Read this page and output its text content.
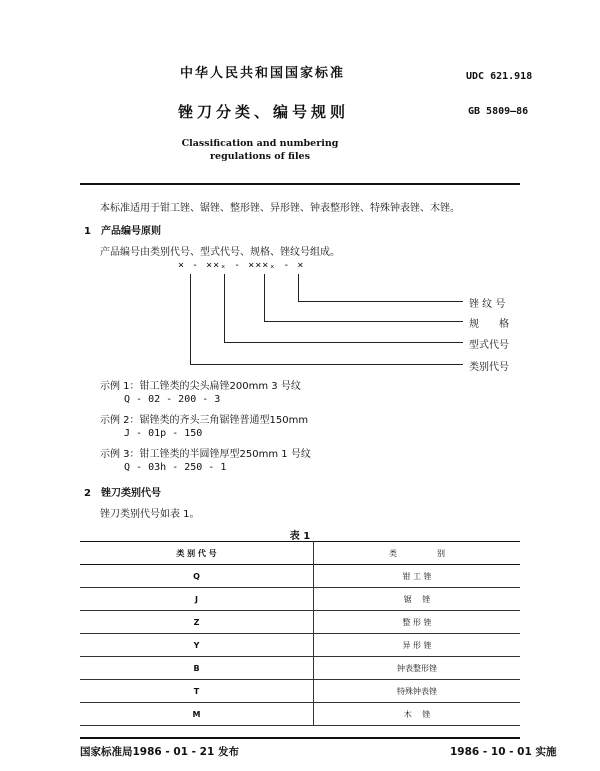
中华人民共和国国家标准	UDC 621.918
锉刀分类、编号规则	GB 5809—86
Classification and numbering
regulations of files
本标准适用于钳工锉、锯锉、整形锉、异形锉、钟表整形锉、特殊钟表锉、木锉。
1　产品编号原则
产品编号由类别代号、型式代号、规格、锉纹号组成。
× - ××ₓ - ×××ₓ - ×
锉 纹 号
规　　格
型式代号
类别代号
示例 1：钳工锉类的尖头扁锉200mm 3 号纹
Q - 02 - 200 - 3
示例 2：锯锉类的齐头三角锯锉普通型150mm
J - 01p - 150
示例 3：钳工锉类的半圆锉厚型250mm 1 号纹
Q - 03h - 250 - 1
2　锉刀类别代号
锉刀类别代号如表 1。
表 1
类 别 代 号	类　　　　　别
Q	钳 工 锉
J	锯 　锉
Z	整 形 锉
Y	异 形 锉
B	钟表整形锉
T	特殊钟表锉
M	木 　锉
国家标准局1986 - 01 - 21 发布	1986 - 10 - 01 实施
